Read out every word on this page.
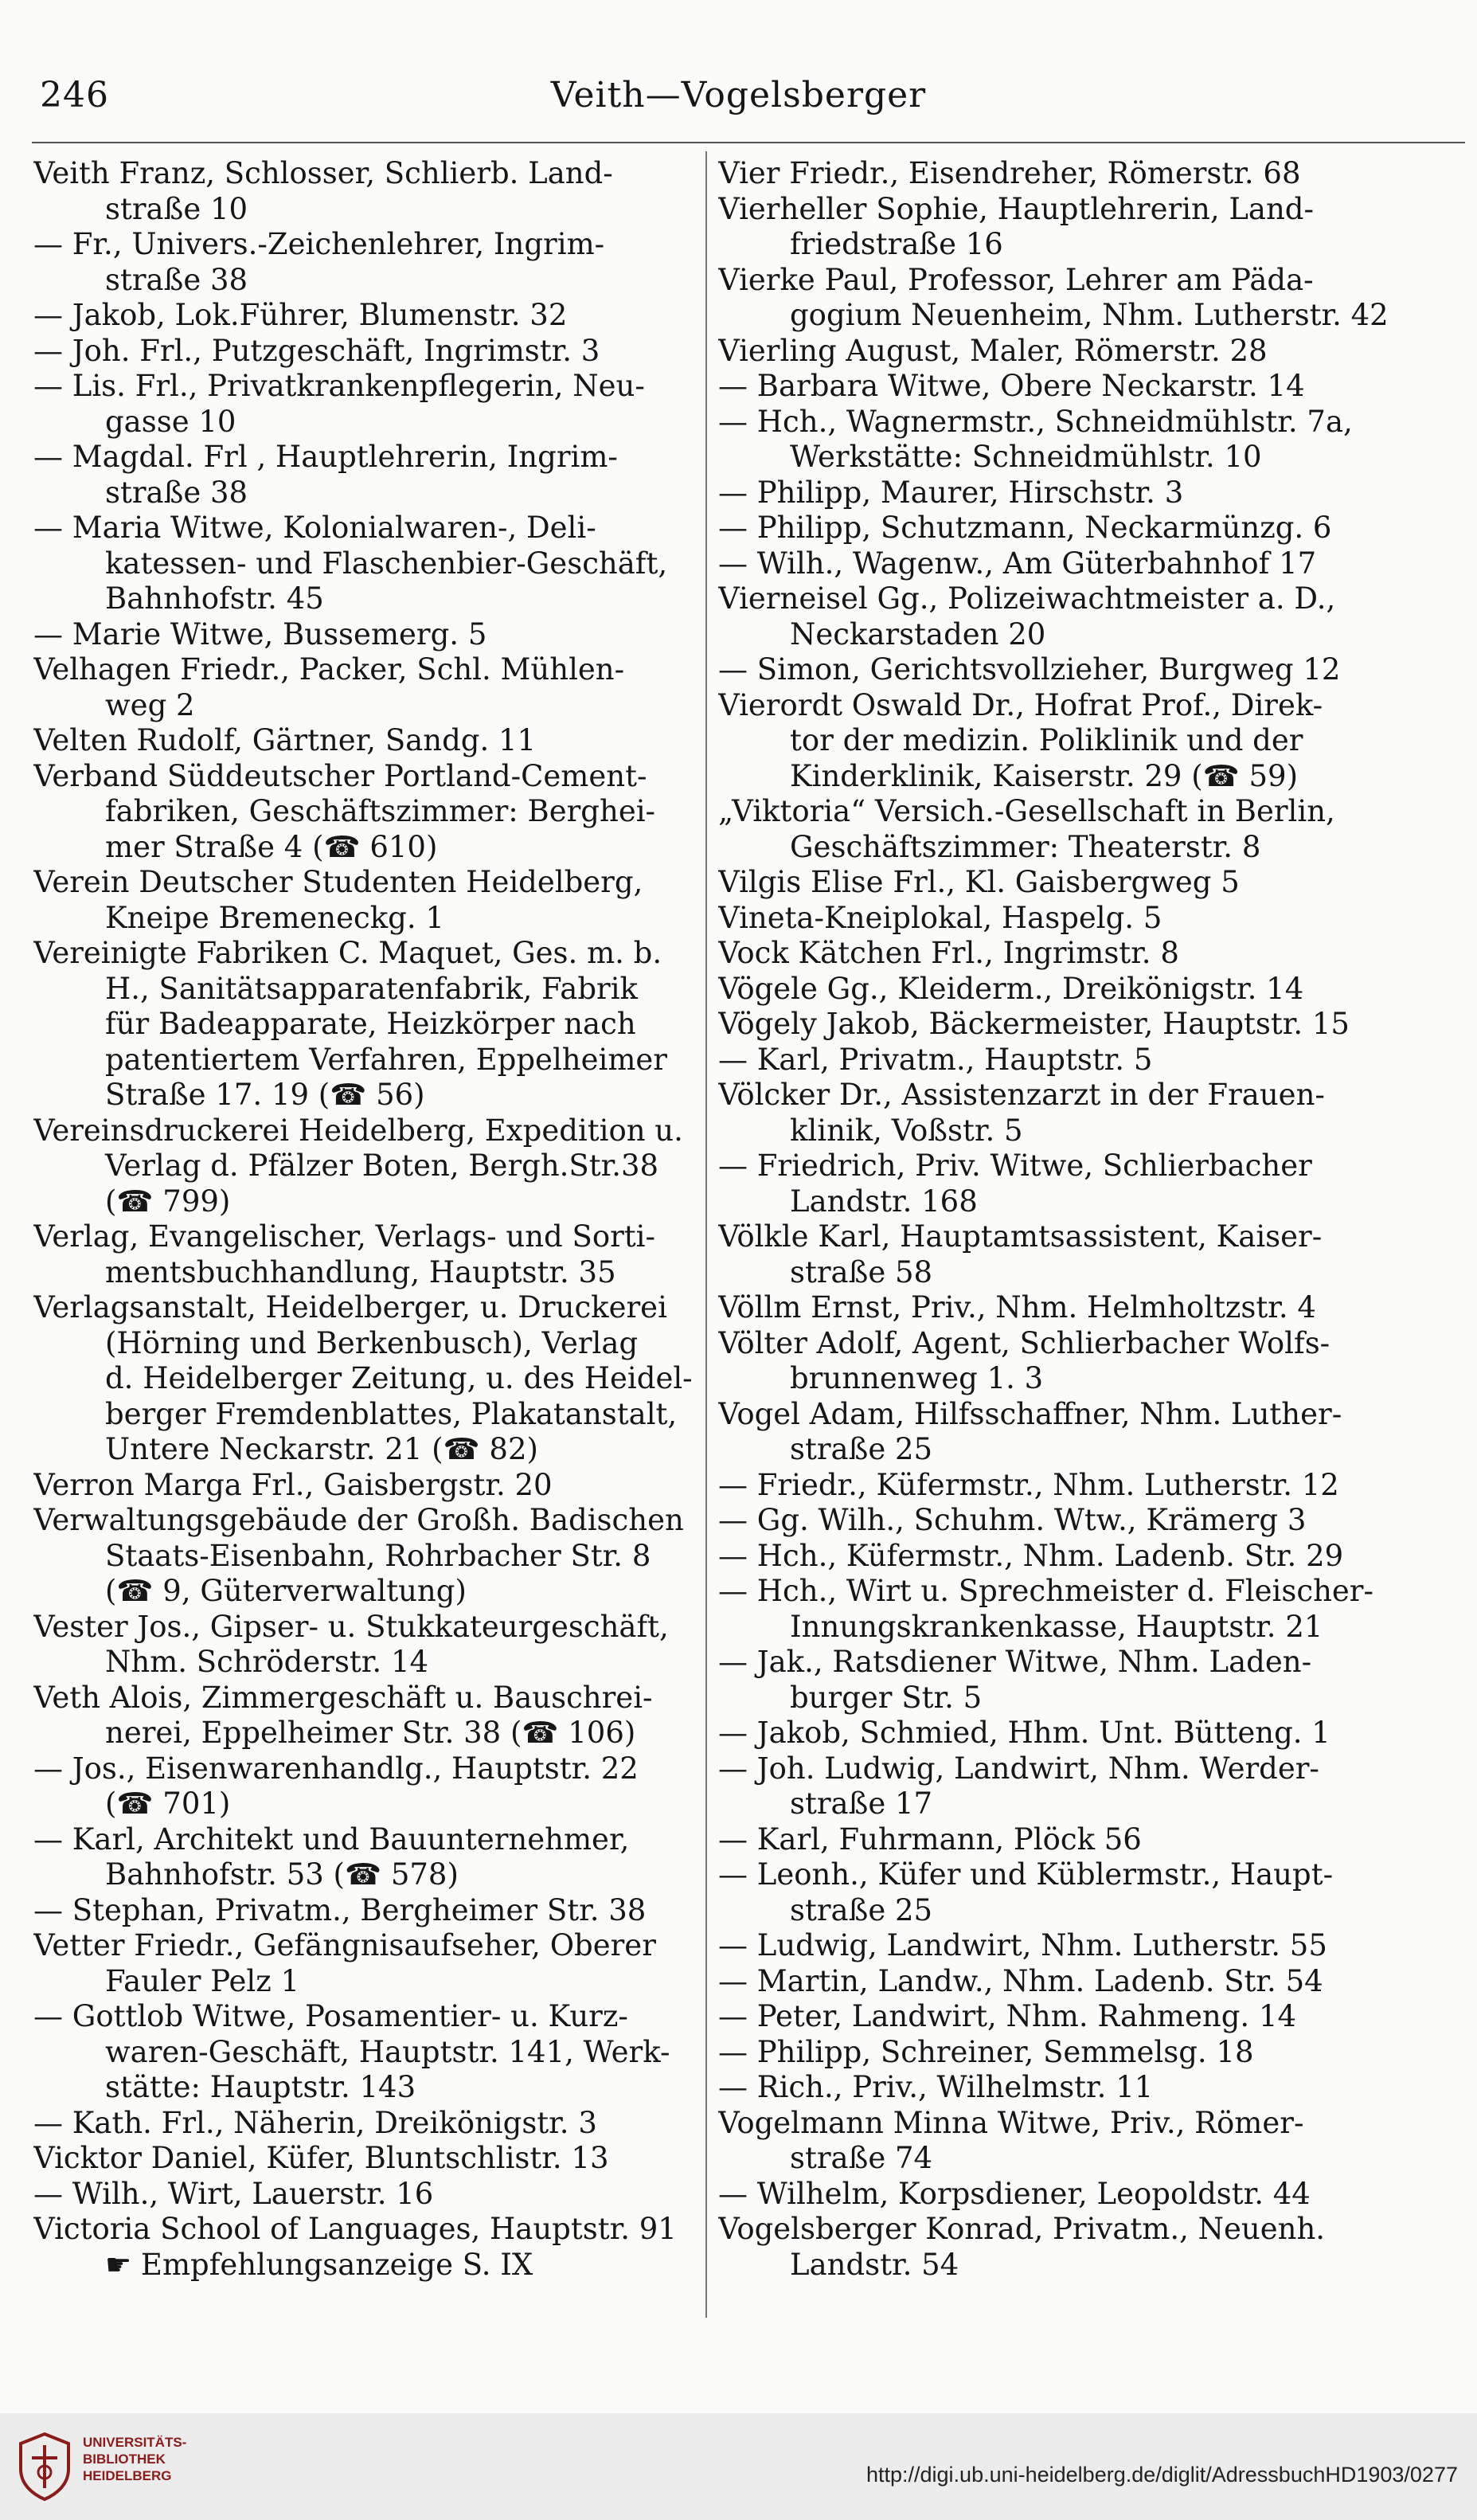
246	Veith—Vogelsberger
Veith Franz, Schlosser, Schlierb. Land-
straße 10
— Fr., Univers.-Zeichenlehrer, Ingrim-
straße 38
— Jakob, Lok.Führer, Blumenstr. 32
— Joh. Frl., Putzgeschäft, Ingrimstr. 3
— Lis. Frl., Privatkrankenpflegerin, Neu-
gasse 10
— Magdal. Frl , Hauptlehrerin, Ingrim-
straße 38
— Maria Witwe, Kolonialwaren-, Deli-
katessen- und Flaschenbier-Geschäft,
Bahnhofstr. 45
— Marie Witwe, Bussemerg. 5
Velhagen Friedr., Packer, Schl. Mühlen-
weg 2
Velten Rudolf, Gärtner, Sandg. 11
Verband Süddeutscher Portland-Cement-
fabriken, Geschäftszimmer: Berghei-
mer Straße 4 (☎ 610)
Verein Deutscher Studenten Heidelberg,
Kneipe Bremeneckg. 1
Vereinigte Fabriken C. Maquet, Ges. m. b.
H., Sanitätsapparatenfabrik, Fabrik
für Badeapparate, Heizkörper nach
patentiertem Verfahren, Eppelheimer
Straße 17. 19 (☎ 56)
Vereinsdruckerei Heidelberg, Expedition u.
Verlag d. Pfälzer Boten, Bergh.Str.38
(☎ 799)
Verlag, Evangelischer, Verlags- und Sorti-
mentsbuchhandlung, Hauptstr. 35
Verlagsanstalt, Heidelberger, u. Druckerei
(Hörning und Berkenbusch), Verlag
d. Heidelberger Zeitung, u. des Heidel-
berger Fremdenblattes, Plakatanstalt,
Untere Neckarstr. 21 (☎ 82)
Verron Marga Frl., Gaisbergstr. 20
Verwaltungsgebäude der Großh. Badischen
Staats-Eisenbahn, Rohrbacher Str. 8
(☎ 9, Güterverwaltung)
Vester Jos., Gipser- u. Stukkateurgeschäft,
Nhm. Schröderstr. 14
Veth Alois, Zimmergeschäft u. Bauschrei-
nerei, Eppelheimer Str. 38 (☎ 106)
— Jos., Eisenwarenhandlg., Hauptstr. 22
(☎ 701)
— Karl, Architekt und Bauunternehmer,
Bahnhofstr. 53 (☎ 578)
— Stephan, Privatm., Bergheimer Str. 38
Vetter Friedr., Gefängnisaufseher, Oberer
Fauler Pelz 1
— Gottlob Witwe, Posamentier- u. Kurz-
waren-Geschäft, Hauptstr. 141, Werk-
stätte: Hauptstr. 143
— Kath. Frl., Näherin, Dreikönigstr. 3
Vicktor Daniel, Küfer, Bluntschlistr. 13
— Wilh., Wirt, Lauerstr. 16
Victoria School of Languages, Hauptstr. 91
☛ Empfehlungsanzeige S. IX
Vier Friedr., Eisendreher, Römerstr. 68
Vierheller Sophie, Hauptlehrerin, Land-
friedstraße 16
Vierke Paul, Professor, Lehrer am Päda-
gogium Neuenheim, Nhm. Lutherstr. 42
Vierling August, Maler, Römerstr. 28
— Barbara Witwe, Obere Neckarstr. 14
— Hch., Wagnermstr., Schneidmühlstr. 7a,
Werkstätte: Schneidmühlstr. 10
— Philipp, Maurer, Hirschstr. 3
— Philipp, Schutzmann, Neckarmünzg. 6
— Wilh., Wagenw., Am Güterbahnhof 17
Vierneisel Gg., Polizeiwachtmeister a. D.,
Neckarstaden 20
— Simon, Gerichtsvollzieher, Burgweg 12
Vierordt Oswald Dr., Hofrat Prof., Direk-
tor der medizin. Poliklinik und der
Kinderklinik, Kaiserstr. 29 (☎ 59)
„Viktoria“ Versich.-Gesellschaft in Berlin,
Geschäftszimmer: Theaterstr. 8
Vilgis Elise Frl., Kl. Gaisbergweg 5
Vineta-Kneiplokal, Haspelg. 5
Vock Kätchen Frl., Ingrimstr. 8
Vögele Gg., Kleiderm., Dreikönigstr. 14
Vögely Jakob, Bäckermeister, Hauptstr. 15
— Karl, Privatm., Hauptstr. 5
Völcker Dr., Assistenzarzt in der Frauen-
klinik, Voßstr. 5
— Friedrich, Priv. Witwe, Schlierbacher
Landstr. 168
Völkle Karl, Hauptamtsassistent, Kaiser-
straße 58
Völlm Ernst, Priv., Nhm. Helmholtzstr. 4
Völter Adolf, Agent, Schlierbacher Wolfs-
brunnenweg 1. 3
Vogel Adam, Hilfsschaffner, Nhm. Luther-
straße 25
— Friedr., Küfermstr., Nhm. Lutherstr. 12
— Gg. Wilh., Schuhm. Wtw., Krämerg 3
— Hch., Küfermstr., Nhm. Ladenb. Str. 29
— Hch., Wirt u. Sprechmeister d. Fleischer-
Innungskrankenkasse, Hauptstr. 21
— Jak., Ratsdiener Witwe, Nhm. Laden-
burger Str. 5
— Jakob, Schmied, Hhm. Unt. Bütteng. 1
— Joh. Ludwig, Landwirt, Nhm. Werder-
straße 17
— Karl, Fuhrmann, Plöck 56
— Leonh., Küfer und Küblermstr., Haupt-
straße 25
— Ludwig, Landwirt, Nhm. Lutherstr. 55
— Martin, Landw., Nhm. Ladenb. Str. 54
— Peter, Landwirt, Nhm. Rahmeng. 14
— Philipp, Schreiner, Semmelsg. 18
— Rich., Priv., Wilhelmstr. 11
Vogelmann Minna Witwe, Priv., Römer-
straße 74
— Wilhelm, Korpsdiener, Leopoldstr. 44
Vogelsberger Konrad, Privatm., Neuenh.
Landstr. 54
UNIVERSITÄTS-
BIBLIOTHEK
HEIDELBERG	http://digi.ub.uni-heidelberg.de/diglit/AdressbuchHD1903/0277
